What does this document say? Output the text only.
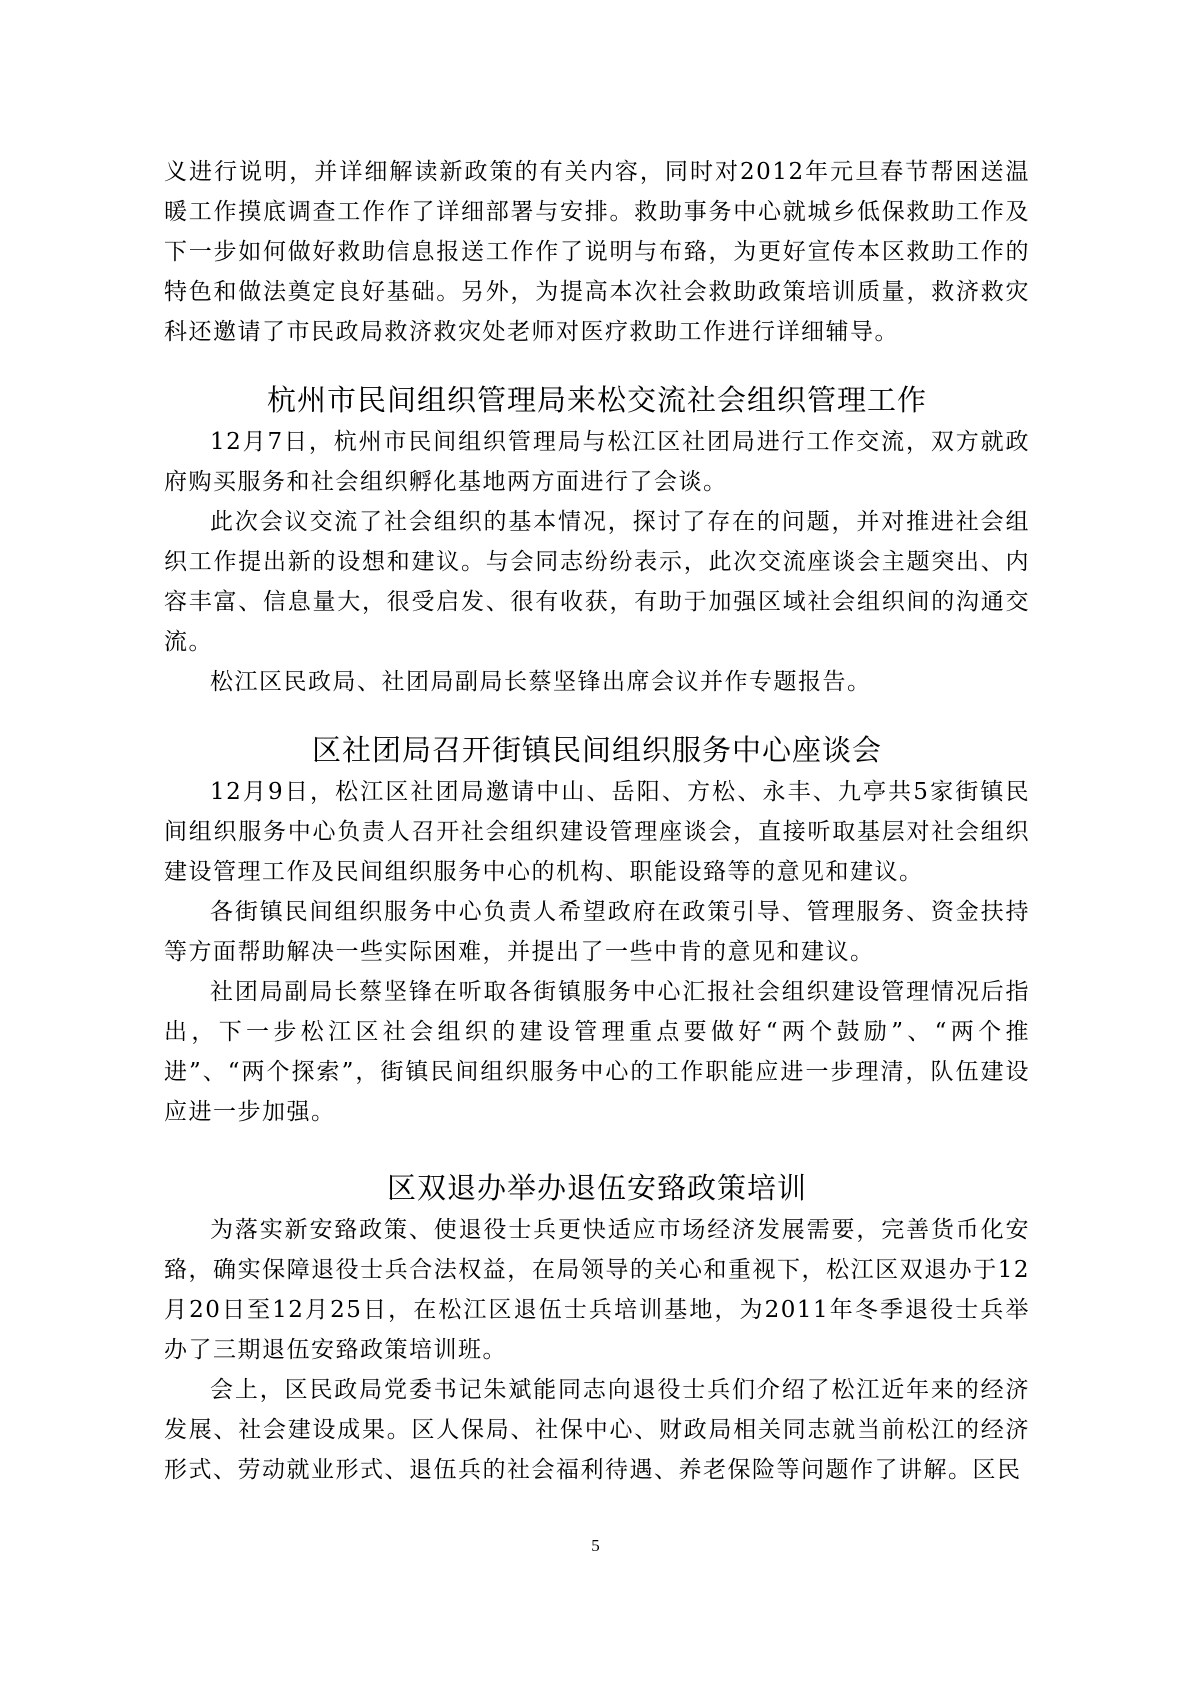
义进行说明，并详细解读新政策的有关内容，同时对2012年元旦春节帮困送温暖工作摸底调查工作作了详细部署与安排。救助事务中心就城乡低保救助工作及下一步如何做好救助信息报送工作作了说明与布臵，为更好宣传本区救助工作的特色和做法奠定良好基础。另外，为提高本次社会救助政策培训质量，救济救灾科还邀请了市民政局救济救灾处老师对医疗救助工作进行详细辅导。

杭州市民间组织管理局来松交流社会组织管理工作

12月7日，杭州市民间组织管理局与松江区社团局进行工作交流，双方就政府购买服务和社会组织孵化基地两方面进行了会谈。

此次会议交流了社会组织的基本情况，探讨了存在的问题，并对推进社会组织工作提出新的设想和建议。与会同志纷纷表示，此次交流座谈会主题突出、内容丰富、信息量大，很受启发、很有收获，有助于加强区域社会组织间的沟通交流。

松江区民政局、社团局副局长蔡坚锋出席会议并作专题报告。

区社团局召开街镇民间组织服务中心座谈会

12月9日，松江区社团局邀请中山、岳阳、方松、永丰、九亭共5家街镇民间组织服务中心负责人召开社会组织建设管理座谈会，直接听取基层对社会组织建设管理工作及民间组织服务中心的机构、职能设臵等的意见和建议。

各街镇民间组织服务中心负责人希望政府在政策引导、管理服务、资金扶持等方面帮助解决一些实际困难，并提出了一些中肯的意见和建议。

社团局副局长蔡坚锋在听取各街镇服务中心汇报社会组织建设管理情况后指出，下一步松江区社会组织的建设管理重点要做好“两个鼓励”、“两个推进”、“两个探索”，街镇民间组织服务中心的工作职能应进一步理清，队伍建设应进一步加强。

区双退办举办退伍安臵政策培训

为落实新安臵政策、使退役士兵更快适应市场经济发展需要，完善货币化安臵，确实保障退役士兵合法权益，在局领导的关心和重视下，松江区双退办于12月20日至12月25日，在松江区退伍士兵培训基地，为2011年冬季退役士兵举办了三期退伍安臵政策培训班。

会上，区民政局党委书记朱斌能同志向退役士兵们介绍了松江近年来的经济发展、社会建设成果。区人保局、社保中心、财政局相关同志就当前松江的经济形式、劳动就业形式、退伍兵的社会福利待遇、养老保险等问题作了讲解。区民

5
